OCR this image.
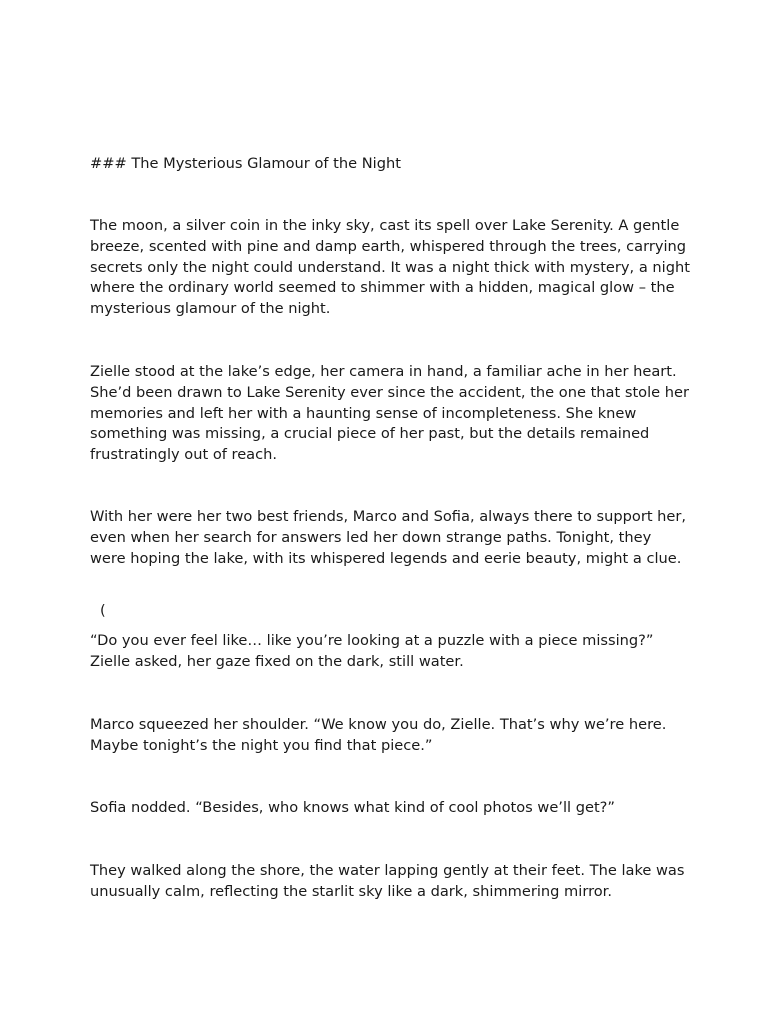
### The Mysterious Glamour of the Night

The moon, a silver coin in the inky sky, cast its spell over Lake Serenity. A gentle breeze, scented with pine and damp earth, whispered through the trees, carrying secrets only the night could understand. It was a night thick with mystery, a night where the ordinary world seemed to shimmer with a hidden, magical glow – the mysterious glamour of the night.

Zielle stood at the lake’s edge, her camera in hand, a familiar ache in her heart. She’d been drawn to Lake Serenity ever since the accident, the one that stole her memories and left her with a haunting sense of incompleteness. She knew something was missing, a crucial piece of her past, but the details remained frustratingly out of reach.

With her were her two best friends, Marco and Sofia, always there to support her, even when her search for answers led her down strange paths. Tonight, they were hoping the lake, with its whispered legends and eerie beauty, might a clue.

(

“Do you ever feel like… like you’re looking at a puzzle with a piece missing?” Zielle asked, her gaze fixed on the dark, still water.

Marco squeezed her shoulder. “We know you do, Zielle. That’s why we’re here. Maybe tonight’s the night you find that piece.”

Sofia nodded. “Besides, who knows what kind of cool photos we’ll get?”

They walked along the shore, the water lapping gently at their feet. The lake was unusually calm, reflecting the starlit sky like a dark, shimmering mirror.
